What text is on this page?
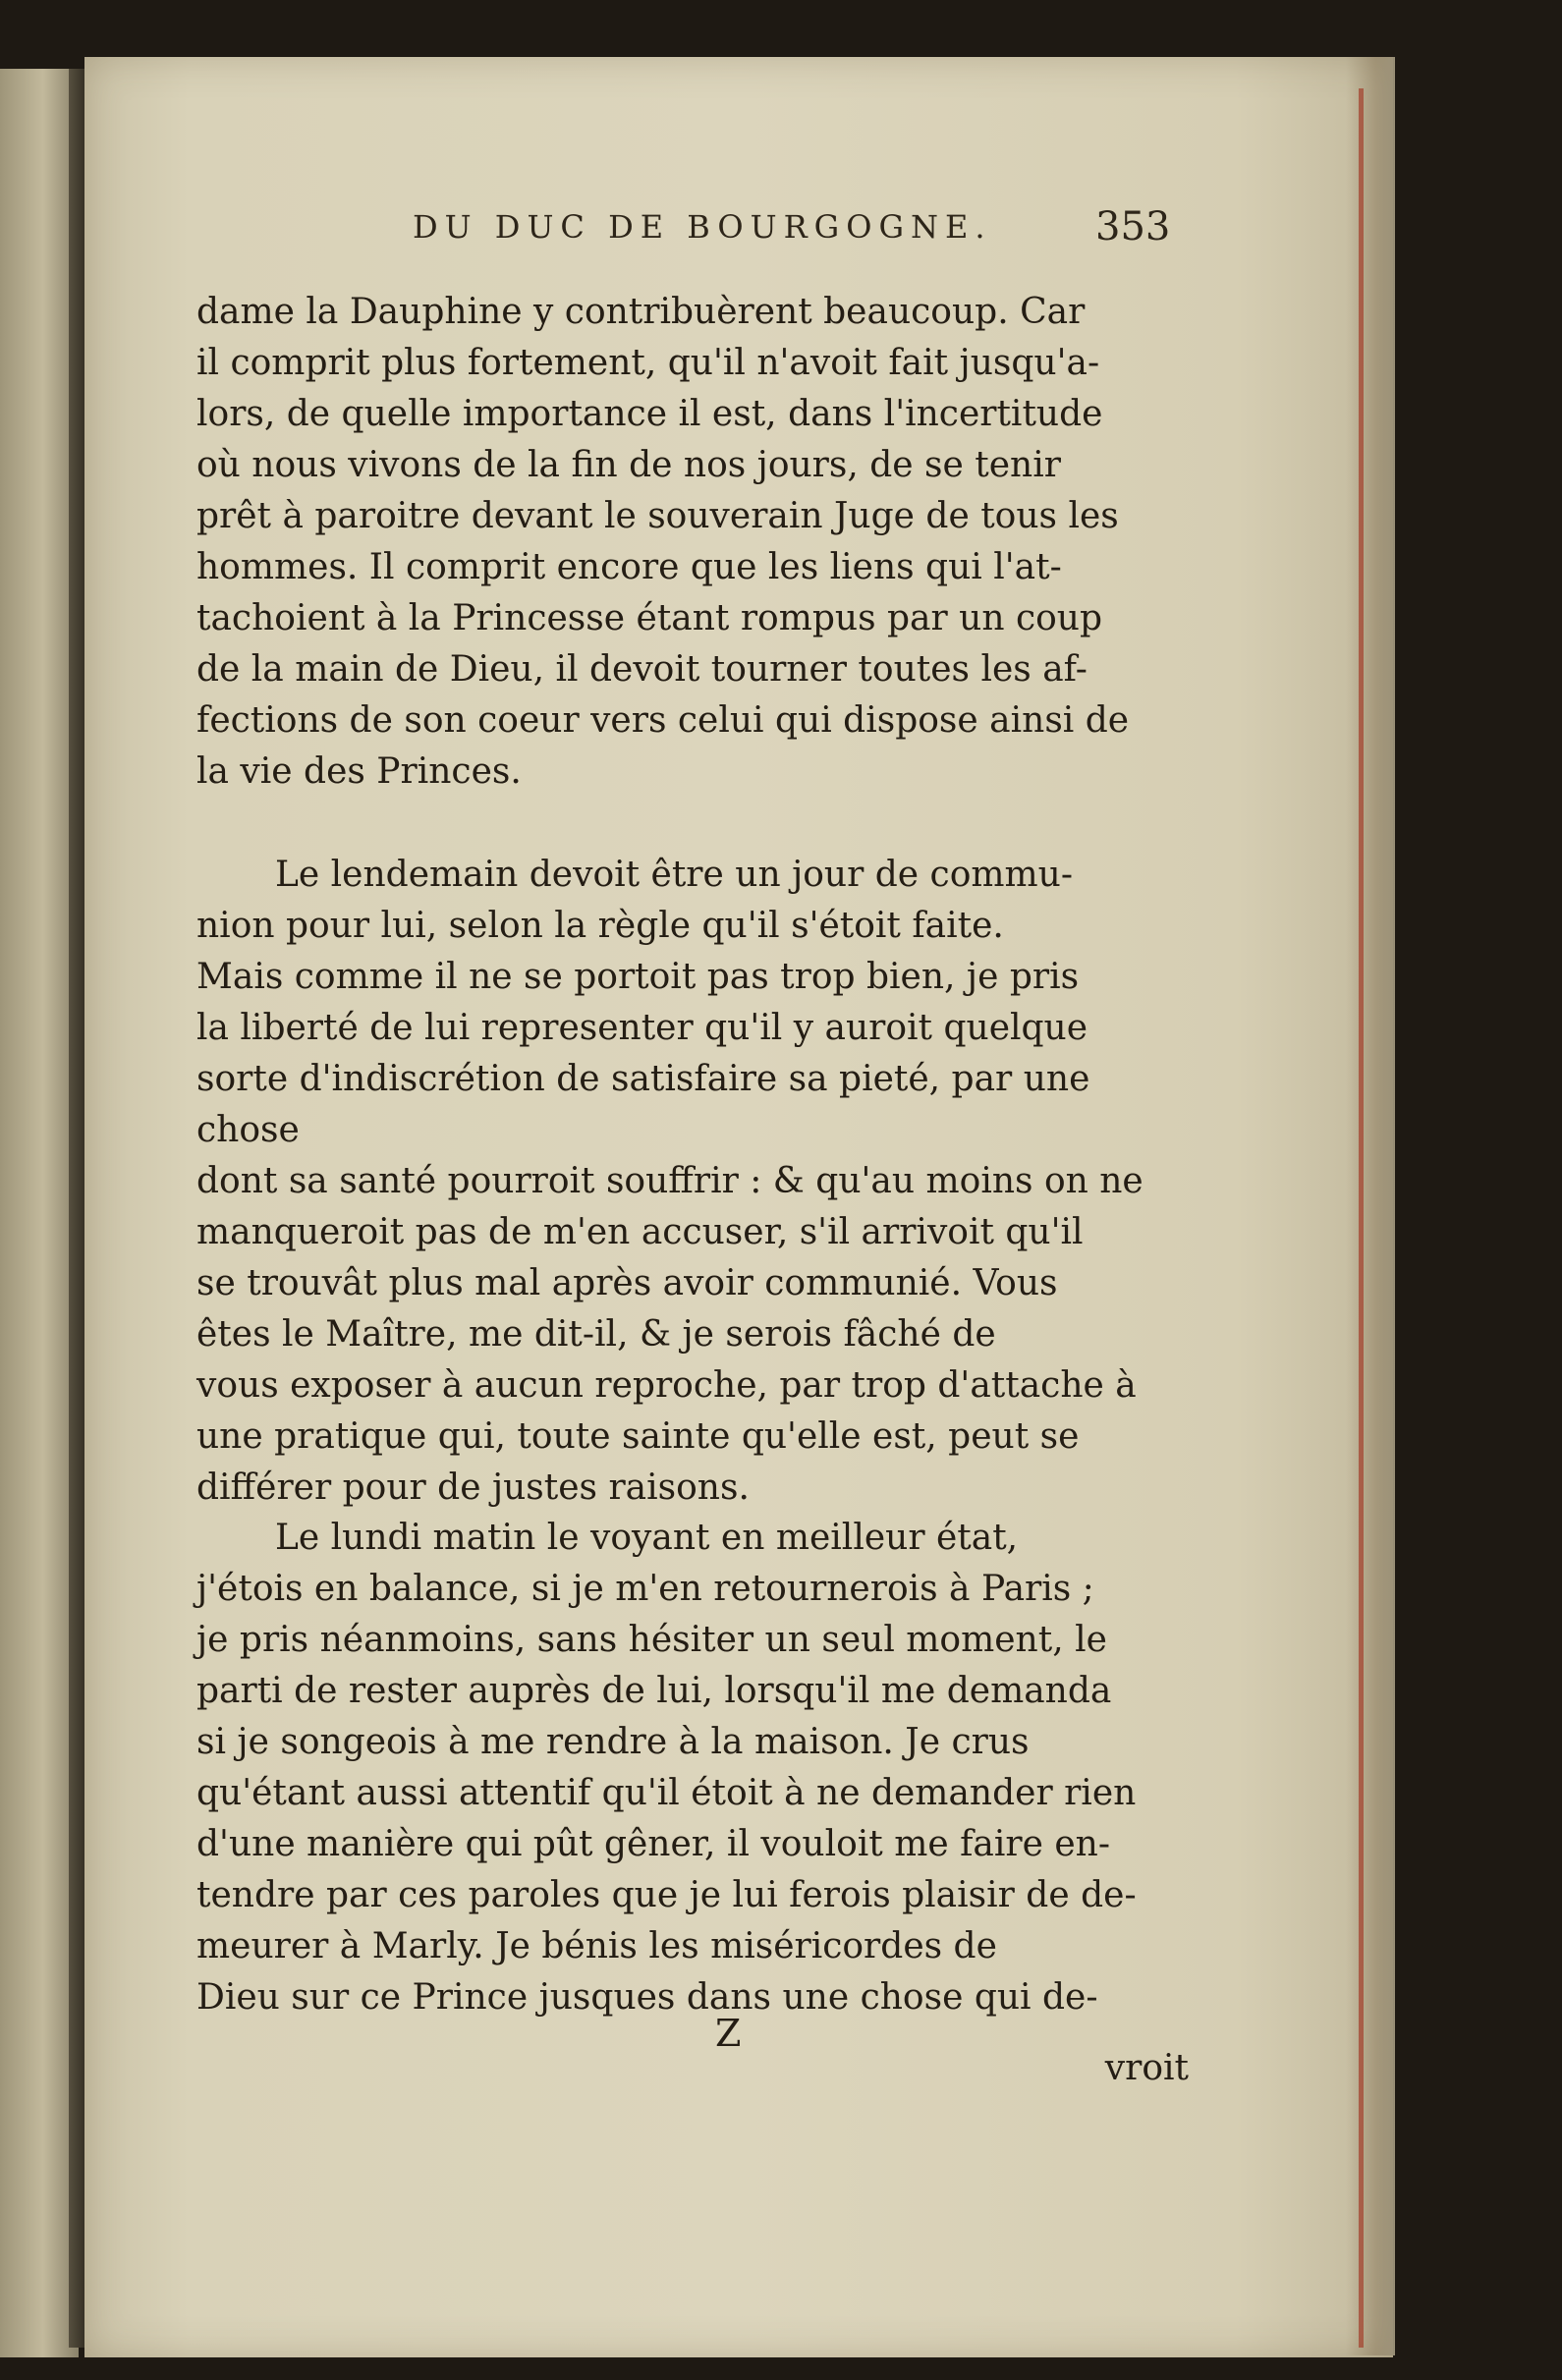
DU DUC DE BOURGOGNE.	353
dame la Dauphine y contribuèrent beaucoup. Car
il comprit plus fortement, qu'il n'avoit fait jusqu'a-
lors, de quelle importance il est, dans l'incertitude
où nous vivons de la fin de nos jours, de se tenir
prêt à paroitre devant le souverain Juge de tous les
hommes. Il comprit encore que les liens qui l'at-
tachoient à la Princesse étant rompus par un coup
de la main de Dieu, il devoit tourner toutes les af-
fections de son coeur vers celui qui dispose ainsi de
la vie des Princes.
Le lendemain devoit être un jour de commu-
nion pour lui, selon la règle qu'il s'étoit faite.
Mais comme il ne se portoit pas trop bien, je pris
la liberté de lui representer qu'il y auroit quelque
sorte d'indiscrétion de satisfaire sa pieté, par une chose
dont sa santé pourroit souffrir : & qu'au moins on ne
manqueroit pas de m'en accuser, s'il arrivoit qu'il
se trouvât plus mal après avoir communié. Vous
êtes le Maître, me dit-il, & je serois fâché de
vous exposer à aucun reproche, par trop d'attache à
une pratique qui, toute sainte qu'elle est, peut se
différer pour de justes raisons.
Le lundi matin le voyant en meilleur état,
j'étois en balance, si je m'en retournerois à Paris ;
je pris néanmoins, sans hésiter un seul moment, le
parti de rester auprès de lui, lorsqu'il me demanda
si je songeois à me rendre à la maison. Je crus
qu'étant aussi attentif qu'il étoit à ne demander rien
d'une manière qui pût gêner, il vouloit me faire en-
tendre par ces paroles que je lui ferois plaisir de de-
meurer à Marly. Je bénis les miséricordes de
Dieu sur ce Prince jusques dans une chose qui de-
Z
vroit
